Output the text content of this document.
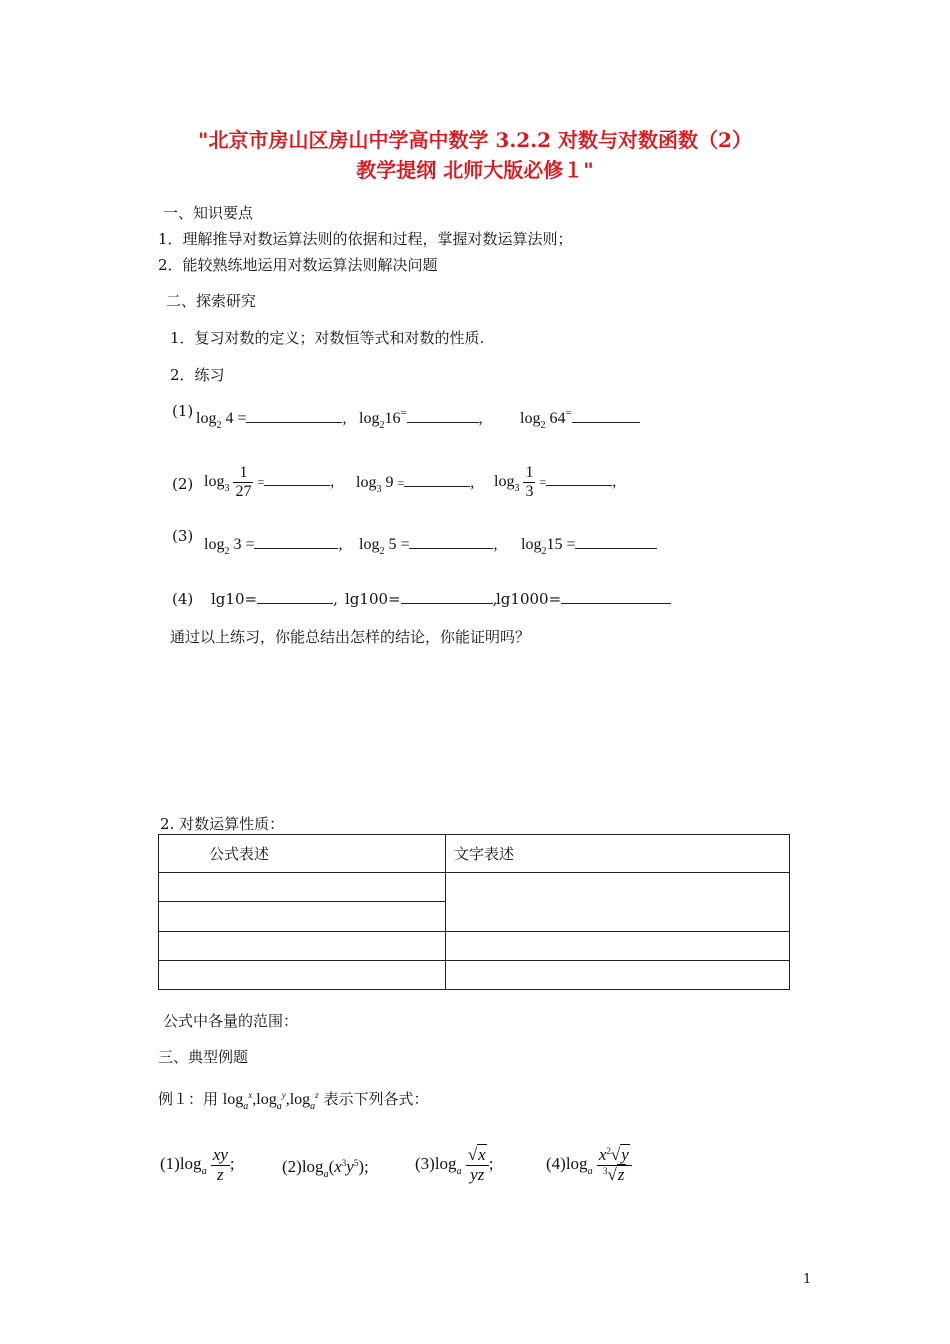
"北京市房山区房山中学高中数学 3.2.2 对数与对数函数（2）
教学提纲 北师大版必修１"
一、知识要点
1．理解推导对数运算法则的依据和过程，掌握对数运算法则；
2．能较熟练地运用对数运算法则解决问题
二、探索研究
1．复习对数的定义；对数恒等式和对数的性质.
2．练习
(1) $\log_2 4$ =	, $\log_216^=$	, $\log_2 64^=$
(2) $\log_3 \frac{1}{27}$ =	, $\log_3 9$ =	, $\log_3 \frac{1}{3}$ =	,
(3) $\log_2 3$ =	, $\log_2 5$ =	, $\log_215$ =
(4) lg10=	, lg100=	,
lg1000=
通过以上练习，你能总结出怎样的结论，你能证明吗？
2. 对数运算性质：
公式表述	文字表述

公式中各量的范围：
三、典型例题
例１：用 $\log_a^x,\log_a^y,\log_a^z$ 表示下列各式：
$(1)\log_a \frac{xy}{z}$ ;	$(2)\log_a(x^3y^5)$;	$(3)\log_a \frac{√x}{yz}$ ;	$(4)\log_a \frac{x^2√y}{^3√z}$
1
